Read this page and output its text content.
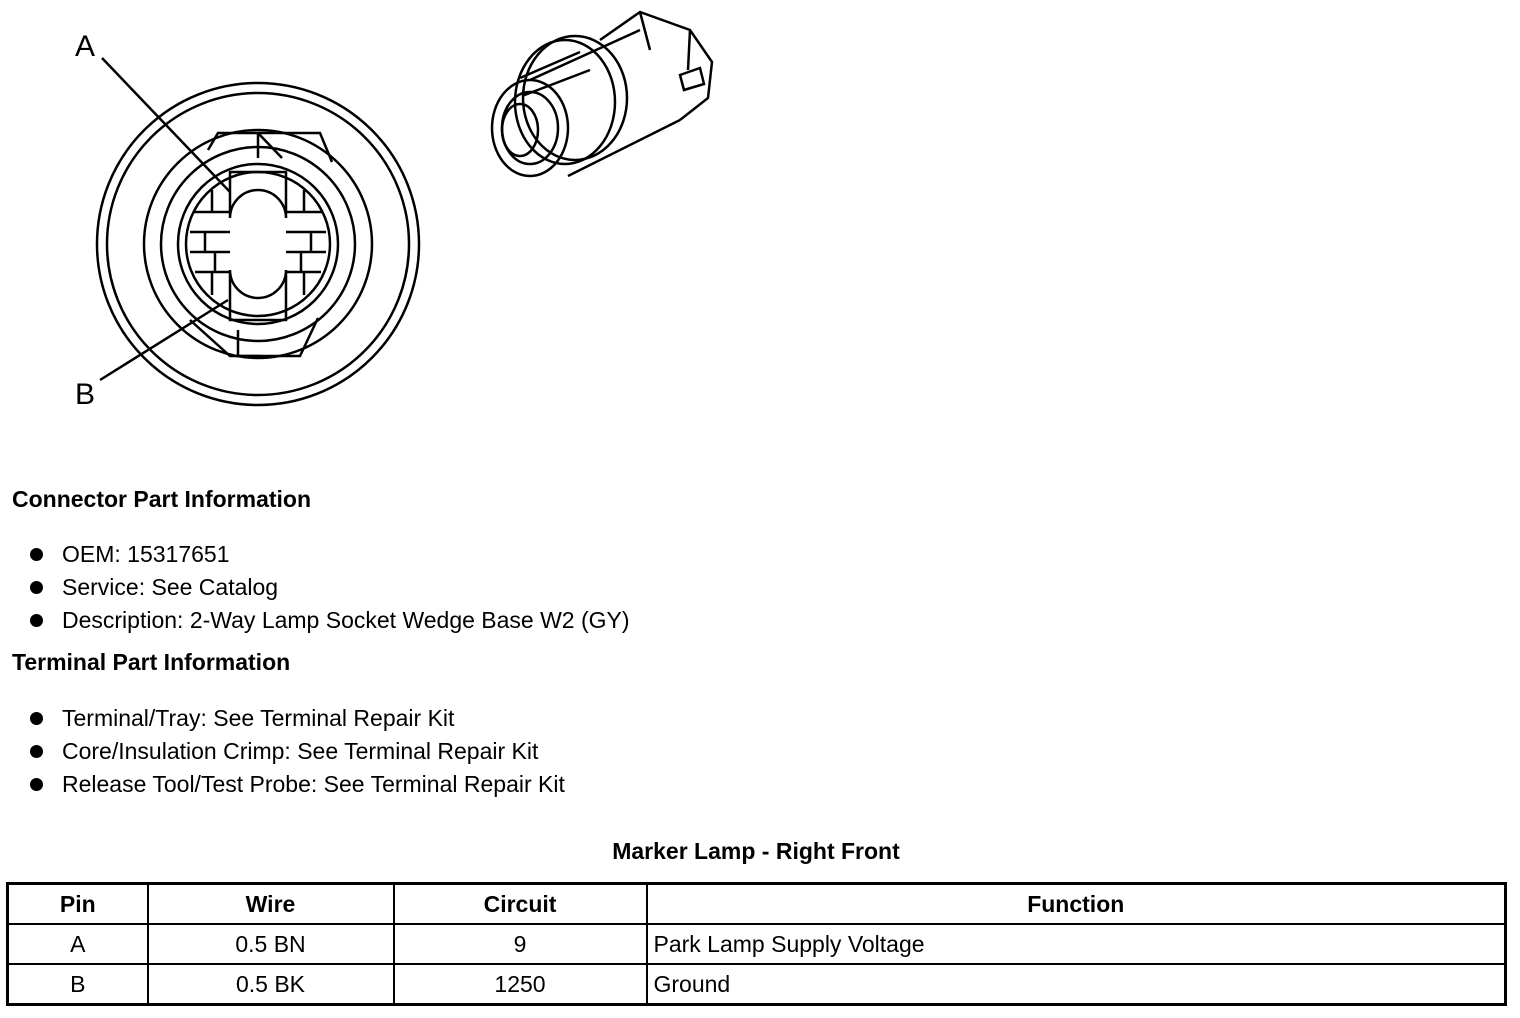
A
B
Connector Part Information
OEM: 15317651
Service: See Catalog
Description: 2-Way Lamp Socket Wedge Base W2 (GY)
Terminal Part Information
Terminal/Tray: See Terminal Repair Kit
Core/Insulation Crimp: See Terminal Repair Kit
Release Tool/Test Probe: See Terminal Repair Kit
Marker Lamp - Right Front
Pin	Wire	Circuit	Function
A	0.5 BN	9	Park Lamp Supply Voltage
B	0.5 BK	1250	Ground
